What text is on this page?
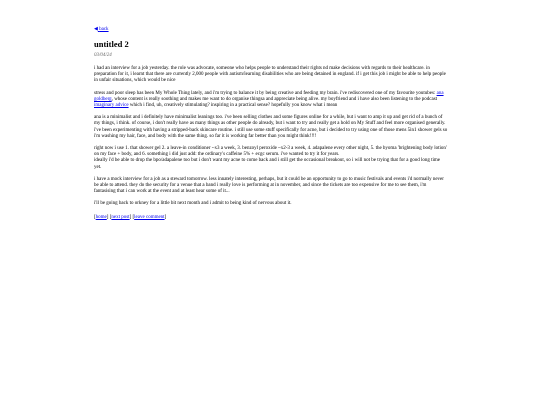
◀ back
untitled 2
03/04/24

i had an interview for a job yesterday. the role was advocate, someone who helps people to understand their rights nd make decisions with regards to their healthcare. in preparation for it, i learnt that there are currently 2,000 people with autism/learning disabilities who are being detained in england. if i get this job i might be able to help people in unfair situations, which would be nice

stress and poor sleep has been My Whole Thing lately, and i'm trying to balance it by being creative and feeding my brain. i've rediscovered one of my favourite youtubes: ana goldberg, whose content is really soothing and makes me want to do organise thingsa and appreciate being alive. my boyfriend and i have also been listening to the podcast imaginary advice which i find, uh, creatively stimulating? inspiring in a practical sense? hopefully you know what i mean

ana is a minimalist and i definitely have minimalist leanings too. i've been selling clothes and some figures online for a while, but i want to amp it up and get rid of a bunch of my things, i think. of course, i don't really have as many things as other people do already, but i want to try and really get a hold on My Stuff and feel more organised generally. i've been experimenting with having a stripped-back skincare routine. i still use some stuff specifically for acne, but i decided to try using one of those mens 5in1 shower gels so i'm washing my hair, face, and body with the same thing. so far it is working far better than you might think!!!!

right now i use 1. that shower gel 2. a leave-in conditioner ~x3 a week, 3. benzoyl peroxide ~x2-3 a week, 4. adapalene every other night, 5. the byoma 'brightening body lotion' on my face + body, and 6. something i did just add: the ordinary's caffeine 5% + ecgc serum. i've wanted to try it for years.
ideally i'd be able to drop the bpo/adapalene too but i don't want my acne to come back and i still get the occasional breakout, so i will not be trying that for a good long time yet.

i have a mock interview for a job as a steward tomorrow. less innately interesting, perhaps, but it could be an opportunity to go to music festivals and events i'd normally never be able to attend. they do the security for a venue that a band i really love is performing at in november, and since the tickets are too expensive for me to see them, i'm fantasising that i can work at the event and at least hear some of it...

i'll be going back to orkney for a little bit next month and i admit to being kind of nervous about it.

[home] [next post] [leave comment]
